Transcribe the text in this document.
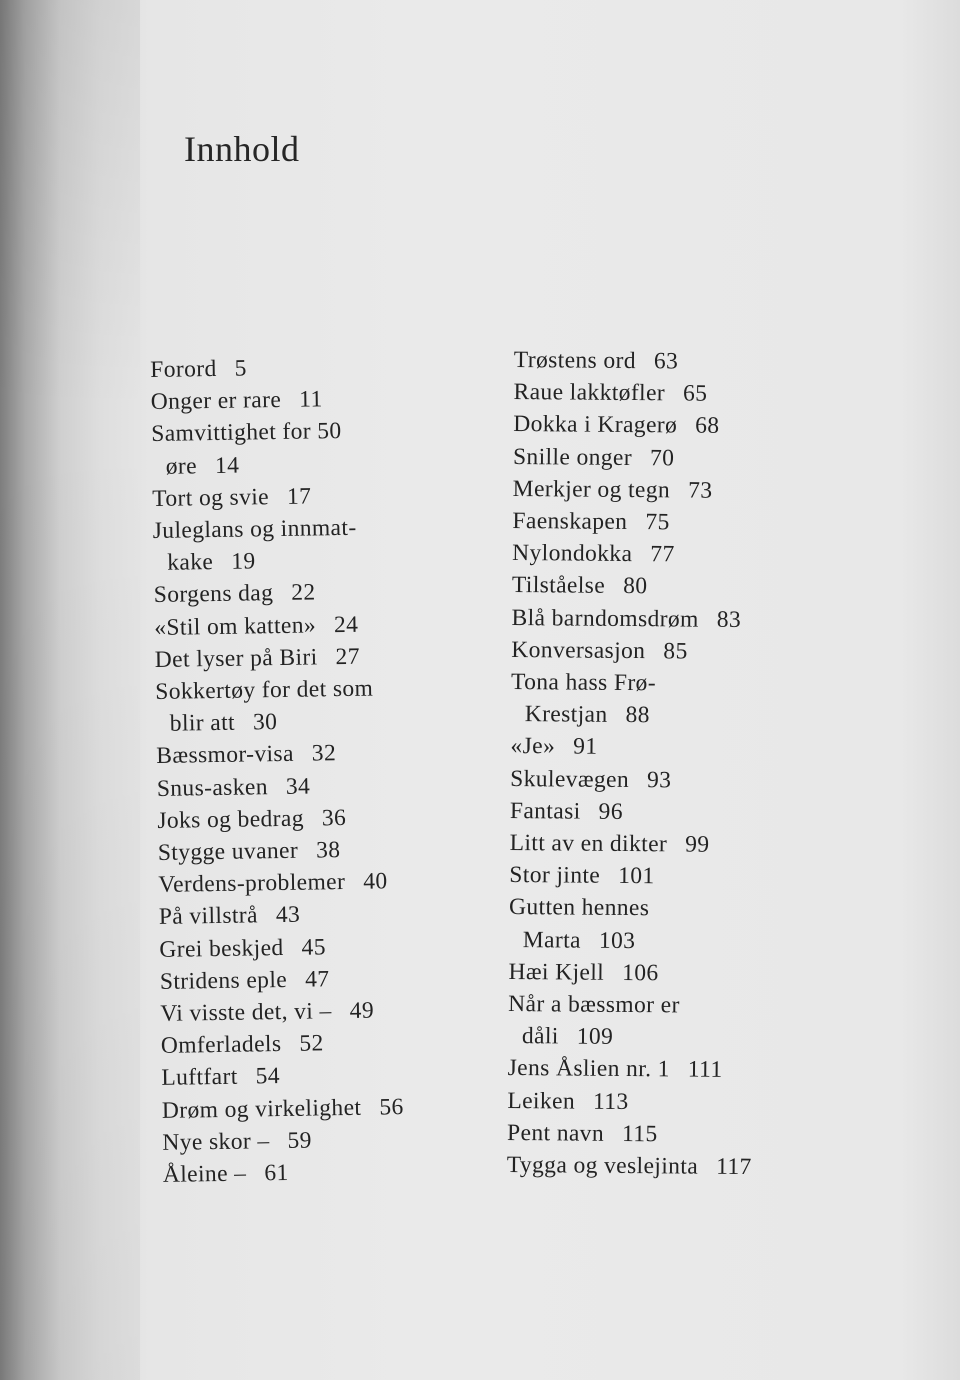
Innhold
Forord 5
Onger er rare 11
Samvittighet for 50
øre 14
Tort og svie 17
Juleglans og innmat-
kake 19
Sorgens dag 22
«Stil om katten» 24
Det lyser på Biri 27
Sokkertøy for det som
blir att 30
Bæssmor-visa 32
Snus-asken 34
Joks og bedrag 36
Stygge uvaner 38
Verdens-problemer 40
På villstrå 43
Grei beskjed 45
Stridens eple 47
Vi visste det, vi – 49
Omferladels 52
Luftfart 54
Drøm og virkelighet 56
Nye skor – 59
Åleine – 61
Trøstens ord 63
Raue lakktøfler 65
Dokka i Kragerø 68
Snille onger 70
Merkjer og tegn 73
Faenskapen 75
Nylondokka 77
Tilståelse 80
Blå barndomsdrøm 83
Konversasjon 85
Tona hass Frø-
Krestjan 88
«Je» 91
Skulevægen 93
Fantasi 96
Litt av en dikter 99
Stor jinte 101
Gutten hennes
Marta 103
Hæi Kjell 106
Når a bæssmor er
dåli 109
Jens Åslien nr. 1 111
Leiken 113
Pent navn 115
Tygga og veslejinta 117
